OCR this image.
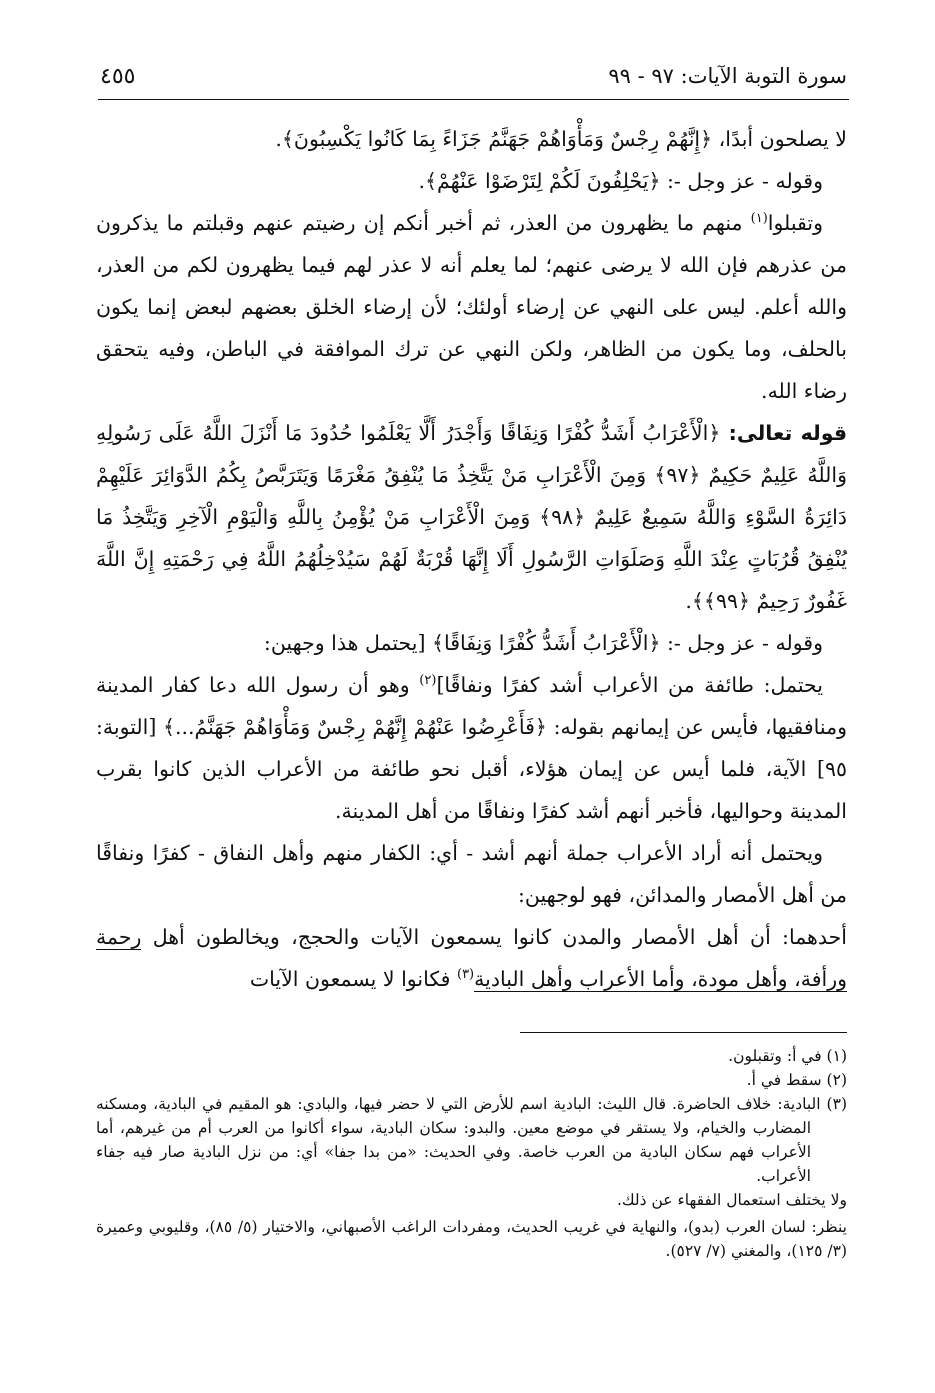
سورة التوبة الآيات: ٩٧ - ٩٩
٤٥٥

لا يصلحون أبدًا، ﴿إِنَّهُمْ رِجْسٌ وَمَأْوَاهُمْ جَهَنَّمُ جَزَاءً بِمَا كَانُوا يَكْسِبُونَ﴾.

وقوله - عز وجل -: ﴿يَحْلِفُونَ لَكُمْ لِتَرْضَوْا عَنْهُمْ﴾.

وتقبلوا$^{(١)}$ منهم ما يظهرون من العذر، ثم أخبر أنكم إن رضيتم عنهم وقبلتم ما يذكرون من عذرهم فإن الله لا يرضى عنهم؛ لما يعلم أنه لا عذر لهم فيما يظهرون لكم من العذر، والله أعلم. ليس على النهي عن إرضاء أولئك؛ لأن إرضاء الخلق بعضهم لبعض إنما يكون بالحلف، وما يكون من الظاهر، ولكن النهي عن ترك الموافقة في الباطن، وفيه يتحقق رضاء الله.

قوله تعالى: ﴿الْأَعْرَابُ أَشَدُّ كُفْرًا وَنِفَاقًا وَأَجْدَرُ أَلَّا يَعْلَمُوا حُدُودَ مَا أَنْزَلَ اللَّهُ عَلَى رَسُولِهِ وَاللَّهُ عَلِيمٌ حَكِيمٌ ﴿٩٧﴾ وَمِنَ الْأَعْرَابِ مَنْ يَتَّخِذُ مَا يُنْفِقُ مَغْرَمًا وَيَتَرَبَّصُ بِكُمُ الدَّوَائِرَ عَلَيْهِمْ دَائِرَةُ السَّوْءِ وَاللَّهُ سَمِيعٌ عَلِيمٌ ﴿٩٨﴾ وَمِنَ الْأَعْرَابِ مَنْ يُؤْمِنُ بِاللَّهِ وَالْيَوْمِ الْآخِرِ وَيَتَّخِذُ مَا يُنْفِقُ قُرُبَاتٍ عِنْدَ اللَّهِ وَصَلَوَاتِ الرَّسُولِ أَلَا إِنَّهَا قُرْبَةٌ لَهُمْ سَيُدْخِلُهُمُ اللَّهُ فِي رَحْمَتِهِ إِنَّ اللَّهَ غَفُورٌ رَحِيمٌ ﴿٩٩﴾﴾.

وقوله - عز وجل -: ﴿الْأَعْرَابُ أَشَدُّ كُفْرًا وَنِفَاقًا﴾ [يحتمل هذا وجهين:

يحتمل: طائفة من الأعراب أشد كفرًا ونفاقًا]$^{(٢)}$ وهو أن رسول الله دعا كفار المدينة ومنافقيها، فأيس عن إيمانهم بقوله: ﴿فَأَعْرِضُوا عَنْهُمْ إِنَّهُمْ رِجْسٌ وَمَأْوَاهُمْ جَهَنَّمُ...﴾ [التوبة: ٩٥] الآية، فلما أيس عن إيمان هؤلاء، أقبل نحو طائفة من الأعراب الذين كانوا بقرب المدينة وحواليها، فأخبر أنهم أشد كفرًا ونفاقًا من أهل المدينة.

ويحتمل أنه أراد الأعراب جملة أنهم أشد - أي: الكفار منهم وأهل النفاق - كفرًا ونفاقًا من أهل الأمصار والمدائن، فهو لوجهين:

أحدهما: أن أهل الأمصار والمدن كانوا يسمعون الآيات والحجج، ويخالطون أهل رحمة ورأفة، وأهل مودة، وأما الأعراب وأهل البادية$^{(٣)}$ فكانوا لا يسمعون الآيات

(١) في أ: وتقبلون.

(٢) سقط في أ.

(٣) البادية: خلاف الحاضرة. قال الليث: البادية اسم للأرض التي لا حضر فيها، والبادي: هو المقيم في البادية، ومسكنه المضارب والخيام، ولا يستقر في موضع معين. والبدو: سكان البادية، سواء أكانوا من العرب أم من غيرهم، أما الأعراب فهم سكان البادية من العرب خاصة. وفي الحديث: «من بدا جفا» أي: من نزل البادية صار فيه جفاء الأعراب.

ولا يختلف استعمال الفقهاء عن ذلك.

ينظر: لسان العرب (بدو)، والنهاية في غريب الحديث، ومفردات الراغب الأصبهاني، والاختيار (٥/ ٨٥)، وقليوبي وعميرة (٣/ ١٢٥)، والمغني (٧/ ٥٢٧).
